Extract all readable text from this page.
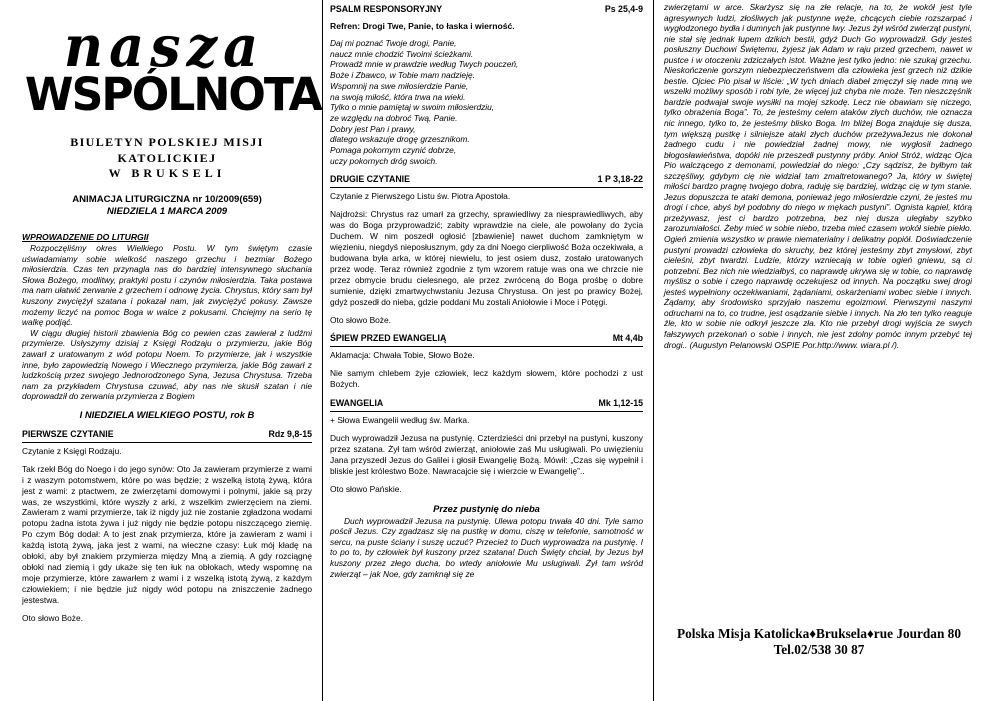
nasza
WSPÓLNOTA
BIULETYN POLSKIEJ MISJI KATOLICKIEJ
W BRUKSELI
ANIMACJA LITURGICZNA nr 10/2009(659)
NIEDZIELA 1 MARCA 2009
WPROWADZENIE DO LITURGII

Rozpoczęliśmy okres Wielkiego Postu. W tym świętym czasie uświadamiamy sobie wielkość naszego grzechu i bezmiar Bożego miłosierdzia. Czas ten przynagla nas do bardziej intensywnego słuchania Słowa Bożego, modlitwy, praktyki postu i czynów miłosierdzia. Taka postawa ma nam ułatwić zerwanie z grzechem i odnowę życia. Chrystus, który sam był kuszony zwyciężył szatana i pokazał nam, jak zwyciężyć pokusy. Zawsze możemy liczyć na pomoc Boga w walce z pokusami. Chciejmy na serio tę walkę podjąć.

W ciągu długiej historii zbawienia Bóg co pewien czas zawierał z ludźmi przymierze. Usłyszymy dzisiaj z Księgi Rodzaju o przymierzu, jakie Bóg zawarł z uratowanym z wód potopu Noem. To przymierze, jak i wszystkie inne, było zapowiedzią Nowego i Wiecznego przymierza, jakie Bóg zawarł z ludzkością przez swojego Jednorodzonego Syna, Jezusa Chrystusa. Trzeba nam za przykładem Chrystusa czuwać, aby nas nie skusił szatan i nie doprowadził do zerwania przymierza z Bogiem

I NIEDZIELA WIELKIEGO POSTU, rok B
PIERWSZE CZYTANIE	Rdz 9,8-15

Czytanie z Księgi Rodzaju.

Tak rzekł Bóg do Noego i do jego synów: Oto Ja zawieram przymierze z wami i z waszym potomstwem, które po was będzie; z wszelką istotą żywą, która jest z wami: z ptactwem, ze zwierzętami domowymi i polnymi, jakie są przy was, ze wszystkimi, które wyszły z arki, z wszelkim zwierzęciem na ziemi. Zawieram z wami przymierze, tak iż nigdy już nie zostanie zgładzona wodami potopu żadna istota żywa i już nigdy nie będzie potopu niszczącego ziemię. Po czym Bóg dodał: A to jest znak przymierza, które ja zawieram z wami i każdą istotą żywą, jaka jest z wami, na wieczne czasy: Łuk mój kładę na obłoki, aby był znakiem przymierza między Mną a ziemią. A gdy rozciągnę obłoki nad ziemią i gdy ukaże się ten łuk na obłokach, wtedy wspomnę na moje przymierze, które zawarłem z wami i z wszelką istotą żywą, z każdym człowiekiem; i nie będzie już nigdy wód potopu na zniszczenie żadnego jestestwa.

Oto słowo Boże.

PSALM RESPONSORYJNY	Ps 25,4-9
Refren: Drogi Twe, Panie, to łaska i wierność.
Daj mi poznać Twoje drogi, Panie,
naucz mnie chodzić Twoimi ścieżkami.
Prowadź mnie w prawdzie według Twych pouczeń,
Boże i Zbawco, w Tobie mam nadzieję.
Wspomnij na swe miłosierdzie Panie,
na swoją miłość, która trwa na wieki.
Tylko o mnie pamiętaj w swoim miłosierdziu,
ze względu na dobroć Twą, Panie.
Dobry jest Pan i prawy,
dlatego wskazuje drogę grzesznikom.
Pomaga pokornym czynić dobrze,
uczy pokornych dróg swoich.
DRUGIE CZYTANIE	1 P 3,18-22

Czytanie z Pierwszego Listu św. Piotra Apostoła.

Najdrożsi: Chrystus raz umarł za grzechy, sprawiedliwy za niesprawiedliwych, aby was do Boga przyprowadzić; zabity wprawdzie na ciele, ale powołany do życia Duchem. W nim poszedł ogłosić [zbawienie] nawet duchom zamkniętym w więzieniu, niegdyś nieposłusznym, gdy za dni Noego cierpliwość Boża oczekiwała, a budowana była arka, w której niewielu, to jest osiem dusz, zostało uratowanych przez wodę. Teraz również zgodnie z tym wzorem ratuje was ona we chrzcie nie przez obmycie brudu cielesnego, ale przez zwróceną do Boga prośbę o dobre sumienie, dzięki zmartwychwstaniu Jezusa Chrystusa. On jest po prawicy Bożej, gdyż poszedł do nieba, gdzie poddani Mu zostali Aniołowie i Moce i Potęgi.

Oto słowo Boże.

ŚPIEW PRZED EWANGELIĄ	Mt 4,4b

Aklamacja: Chwała Tobie, Słowo Boże.

Nie samym chlebem żyje człowiek, lecz każdym słowem, które pochodzi z ust Bożych.

EWANGELIA	Mk 1,12-15

+ Słowa Ewangelii według św. Marka.

Duch wyprowadził Jezusa na pustynię. Czterdzieści dni przebył na pustyni, kuszony przez szatana. Żył tam wśród zwierząt, aniołowie zaś Mu usługiwali. Po uwięzieniu Jana przyszedł Jezus do Galilei i głosił Ewangelię Bożą. Mówił: „Czas się wypełnił i bliskie jest królestwo Boże. Nawracajcie się i wierzcie w Ewangelię”..

Oto słowo Pańskie.

Przez pustynię do nieba

Duch wyprowadził Jezusa na pustynię. Ulewa potopu trwała 40 dni. Tyle samo pościł Jezus. Czy zgadzasz się na pustkę w domu, ciszę w telefonie, samotność w sercu, na puste ściany i suszę uczuć? Przecież to Duch wyprowadza na pustynię. I to po to, by człowiek był kuszony przez szatana! Duch Święty chciał, by Jezus był kuszony przez złego ducha, bo wtedy aniołowie Mu usługiwali. Żył tam wśród zwierząt – jak Noe, gdy zamknął się ze

zwierzętami w arce. Skarżysz się na złe relacje, na to, że wokół jest tyle agresywnych ludzi, złośliwych jak pustynne węże, chcących ciebie rozszarpać i wygłodzonego bydła i dumnych jak pustynne lwy. Jezus żył wśród zwierząt pustyni, nie stał się jednak łupem dzikich bestii, gdyż Duch Go wyprowadził. Gdy jesteś posłuszny Duchowi Świętemu, żyjesz jak Adam w raju przed grzechem, nawet w pustce i w otoczeniu zdziczałych istot. Ważne jest tylko jedno: nie szukaj grzechu. Nieskończenie gorszym niebezpieczeństwem dla człowieka jest grzech niż dzikie bestie. Ojciec Pio pisał w liście: „W tych dniach diabeł zmęczył się nade mną we wszelki możliwy sposób i robi tyle, że więcej już chyba nie może. Ten nieszczęśnik bardzie podwajał swoje wysiłki na mojej szkodę. Lecz nie obawiam się niczego, tylko obrażenia Boga”. To, że jesteśmy celem ataków złych duchów, nie oznacza nic innego, tylko to, że jesteśmy blisko Boga. Im bliżej Boga znajduje się dusza, tym większą pustkę i silniejsze ataki złych duchów przeżywaJezus nie dokonał żadnego cudu i nie powiedział żadnej mowy, nie wygłosił żadnego błogosławieństwa, dopóki nie przeszedł pustynny próby. Anioł Stróż, widząc Ojca Pio walczącego z demonami, powiedział do niego: „Czy sądzisz, że byłbym tak szczęśliwy, gdybym cię nie widział tam zmaltretowanego? Ja, który w świętej miłości bardzo pragnę twojego dobra, raduję się bardziej, widząc cię w tym stanie. Jezus dopuszcza te ataki demona, ponieważ jego miłosierdzie czyni, że jesteś mu drogi i chce, abyś był podobny do niego w mękach pustyni”. Ognista kąpiel, którą przeżywasz, jest ci bardzo potrzebna, bez niej dusza uległaby szybko zarozumiałości. Żeby mieć w sobie niebo, trzeba mieć czasem wokół siebie piekło. Ogień zmienia wszystko w prawie niematerialny i delikatny popiół. Doświadczenie pustyni prowadzi człowieka do skruchy, bez której jesteśmy zbyt zmysłowi, zbyt cieleśni, zbyt twardzi. Ludzie, którzy wzniecają w tobie ogień gniewu, są ci potrzebni. Bez nich nie wiedziałbyś, co naprawdę ukrywa się w tobie, co naprawdę myślisz o sobie i czego naprawdę oczekujesz od innych. Na początku swej drogi jesteś wypełniony oczekiwaniami, żądaniami, oskarżeniami wobec siebie i innych. Żądamy, aby środowisko sprzyjało naszemu egoizmowi. Pierwszymi naszymi odruchami na to, co trudne, jest osądzanie siebie i innych. Na zło ten tylko reaguje źle, kto w sobie nie odkrył jeszcze zła. Kto nie przebył drogi wyjścia ze swych fałszywych przekonań o sobie i innych, nie jest zdolny pomóc innym przebyć tej drogi.. (Augustyn Pelanowski OSPIE Por.http://www. wiara.pl /).

Polska Misja Katolicka♦Bruksela♦rue Jourdan 80
Tel.02/538 30 87
